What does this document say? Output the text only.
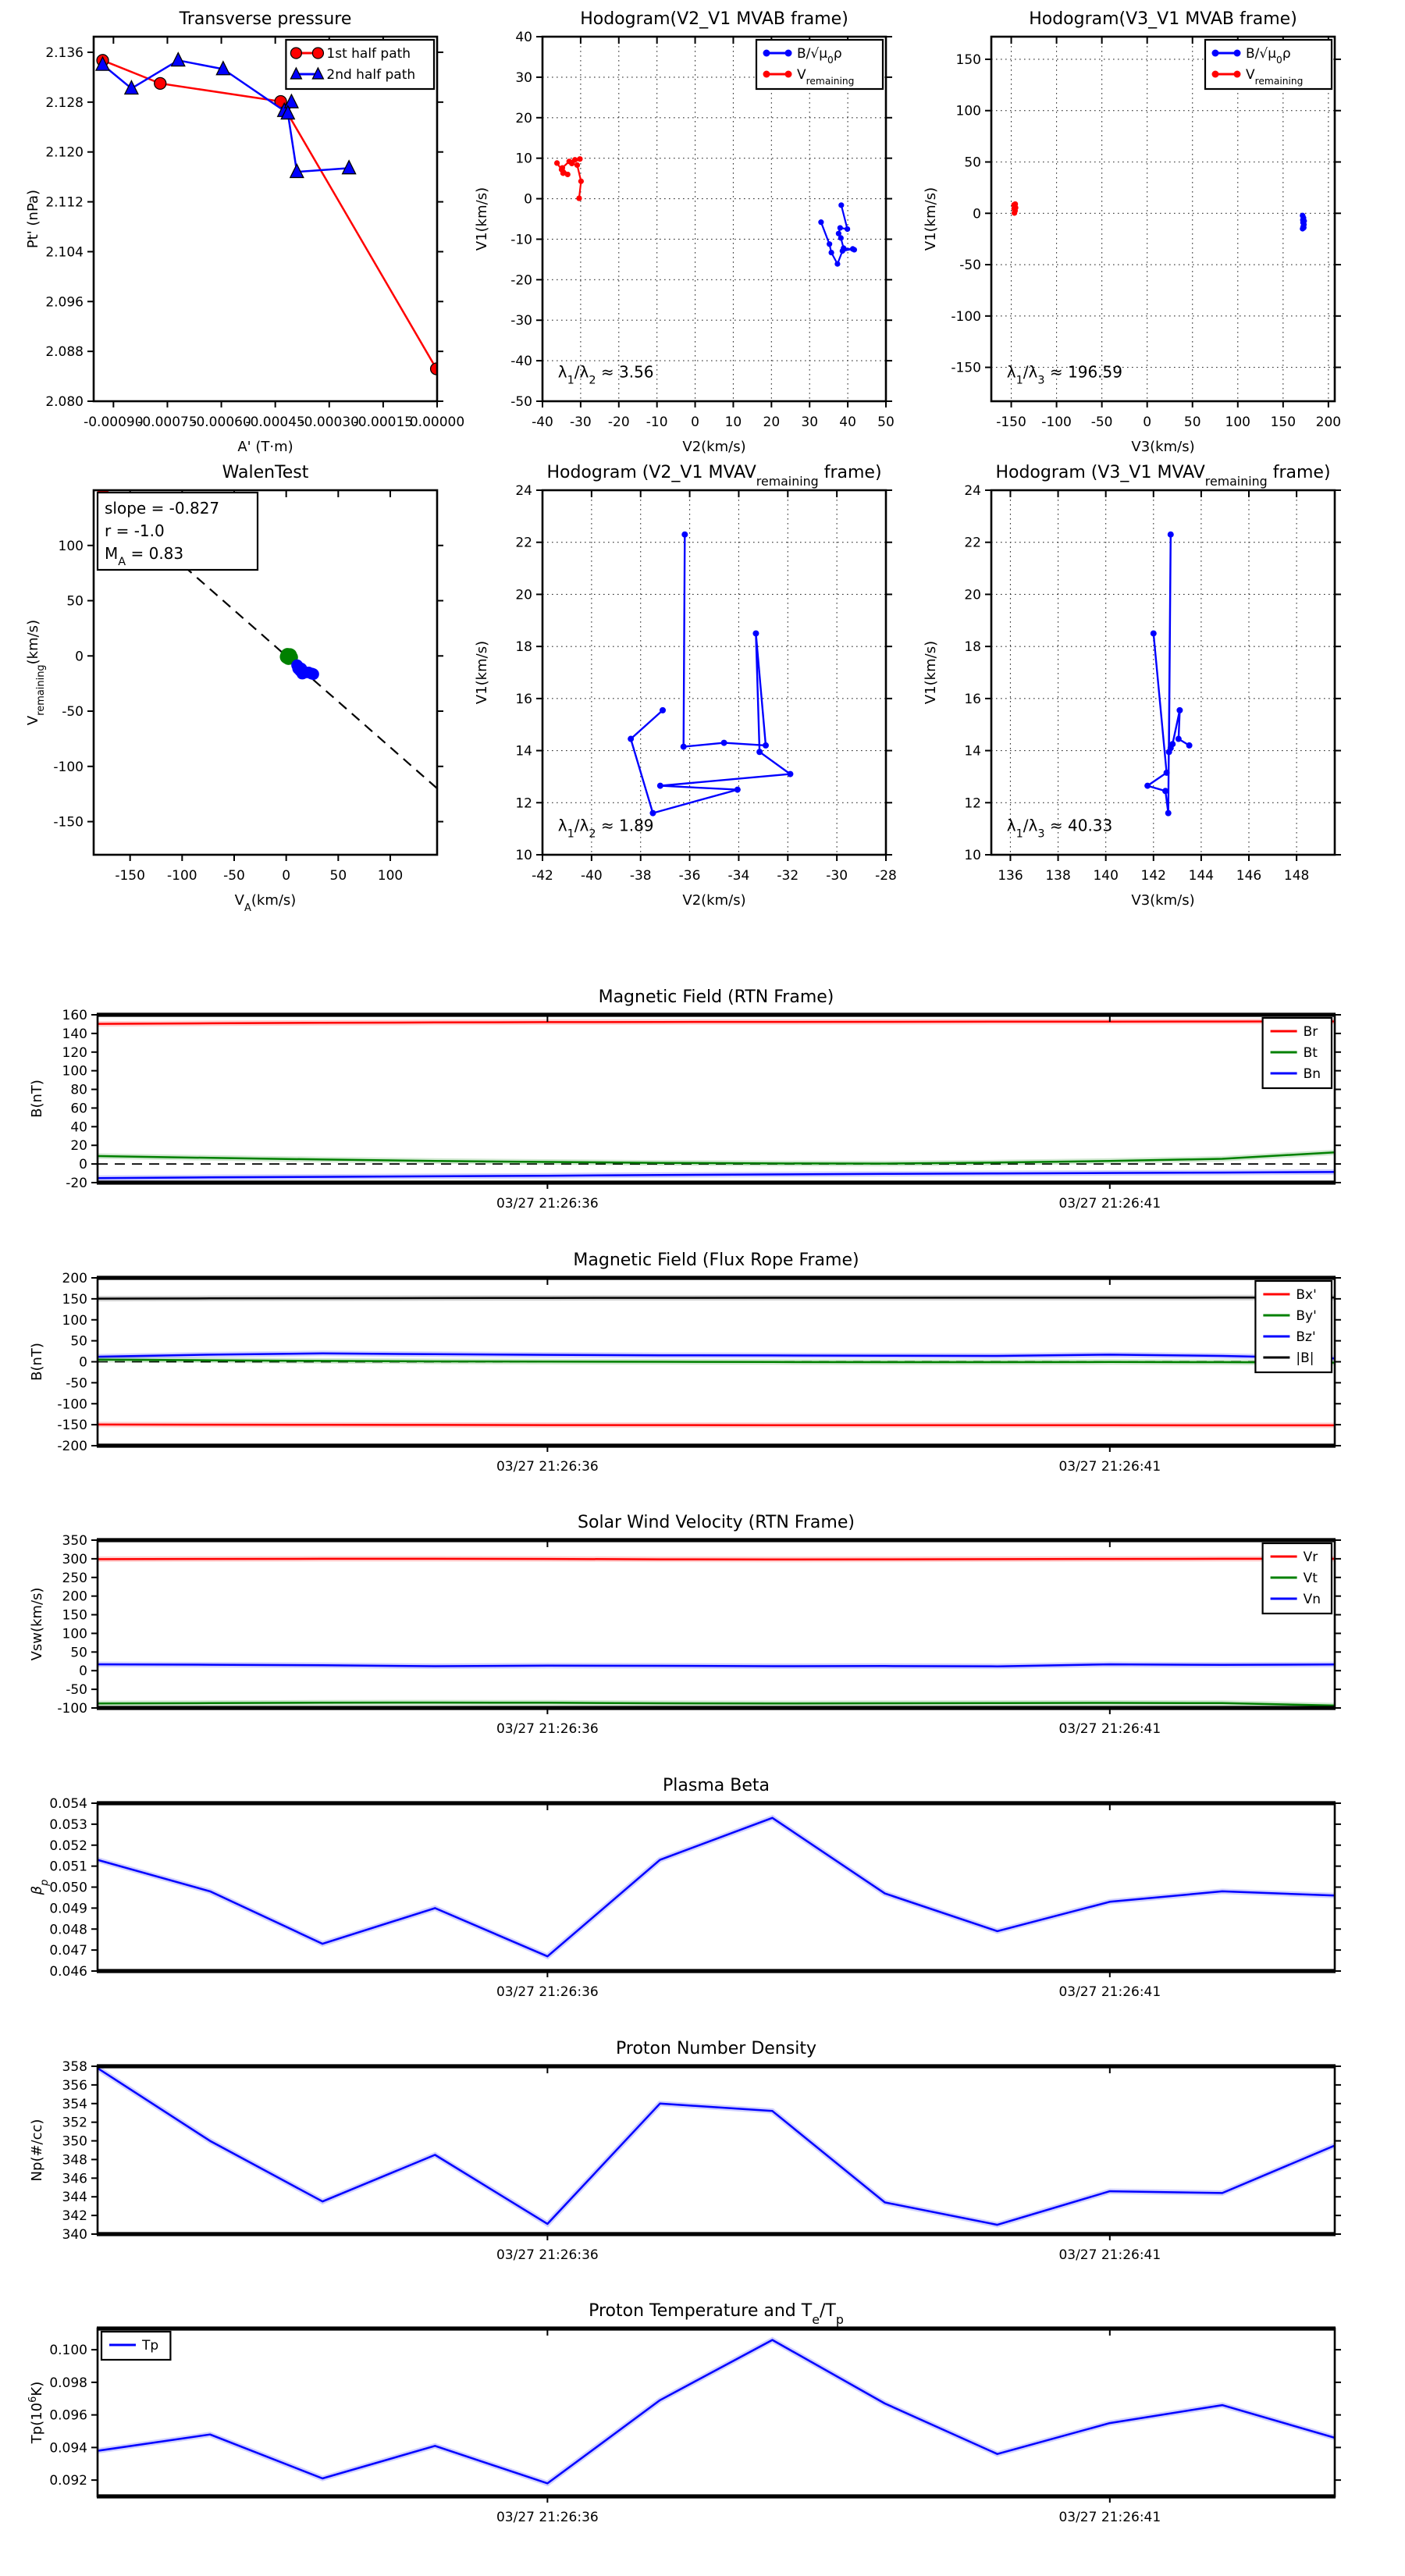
-0.00090
-0.00075
-0.00060
-0.00045
-0.00030
-0.00015
0.00000
2.080
2.088
2.096
2.104
2.112
2.120
2.128
2.136
Transverse pressure
A' (T·m)
Pt' (nPa)
1st half path
2nd half path
-40 -30 -20 -10 0 10 20 30 40 50
-50
-40
-30
-20
-10
0
10
20
30
40
Hodogram(V2_V1 MVAB frame)
V2(km/s)
V1(km/s)
$\lambda_1/\lambda_2 \approx 3.56$
$B/√\mu_0\rho$
$V_{remaining}$
-150 -100 -50 0 50 100 150 200
-150
-100
-50
0
50
100
150
Hodogram(V3_V1 MVAB frame)
V3(km/s)
V1(km/s)
$\lambda_1/\lambda_3 \approx 196.59$
$B/√\mu_0\rho$
$V_{remaining}$
-150 -100 -50	0	50 100
-150
-100
-50
0
50
100
WalenTest
$V_A(km/s)$
$V_{remaining}(km/s)$
slope = -0.827
r = -1.0
$M_A = 0.83$
-42 -40 -38 -36 -34 -32 -30 -28
10
12
14
16
18
20
22
24
Hodogram (V2_V1 $MVAV_{remaining}$ frame)
V2(km/s)
V1(km/s)
$\lambda_1/\lambda_2 \approx 1.89$
136 138 140 142 144 146 148
10
12
14
16
18
20
22
24
Hodogram (V3_V1 $MVAV_{remaining}$ frame)
V3(km/s)
V1(km/s)
$\lambda_1/\lambda_3 \approx 40.33$
03/27 21:26:36	03/27 21:26:41
-20
0
20
40
60
80
100
120
140
160
Magnetic Field (RTN Frame)
B(nT)
Br
Bt
Bn
03/27 21:26:36	03/27 21:26:41
-200
-150
-100
-50
0
50
100
150
200
Magnetic Field (Flux Rope Frame)
B(nT)
Bx'
By'
Bz'
|B|
03/27 21:26:36	03/27 21:26:41
-100
-50
0
50
100
150
200
250
300
350
Solar Wind Velocity (RTN Frame)
Vsw(km/s)
Vr
Vt
Vn
03/27 21:26:36	03/27 21:26:41
0.046
0.047
0.048
0.049
0.050
0.051
0.052
0.053
0.054
Plasma Beta
$\beta_p$
03/27 21:26:36	03/27 21:26:41
340
342
344
346
348
350
352
354
356
358
Proton Number Density
Np(#/cc)
03/27 21:26:36	03/27 21:26:41
0.092
0.094
0.096
0.098
0.100
Proton Temperature and $T_e/T_p$
$Tp(10^6K)$
Tp
